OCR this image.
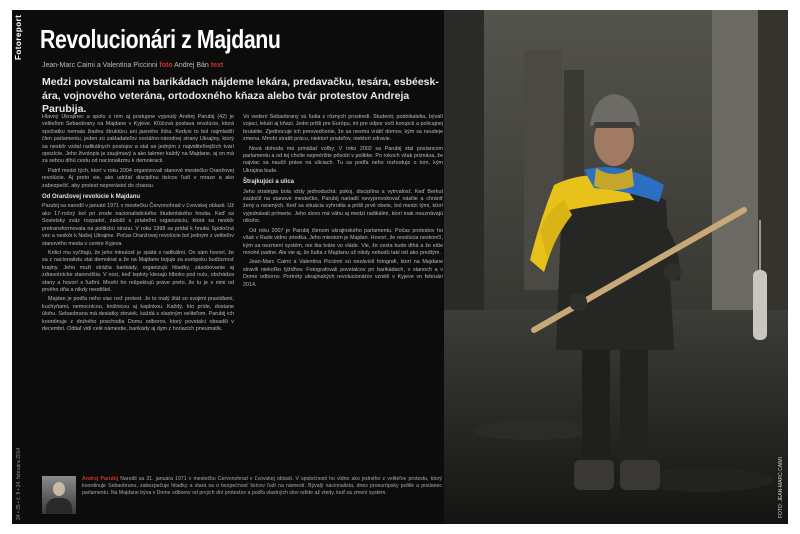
Fotoreport
34 • 35 • č. 9 • 24. februára 2014
Revolucionári z Majdanu
Jean-Marc Caimi a Valentina Piccinni foto Andrej Bán text
Medzi povstalcami na barikádach nájdeme lekára, predavačku, tesára, esbéeskára, vojnového veterána, ortodoxného kňaza alebo tvár protestov Andreja Parubija.

Hlavný Ukrajinec a spolu s ním aj postupne vypnutý Andrej Parubij (42) je veliteľom Sebaobrany na Majdane v Kyjeve. Kľúčová postava revolúcie, ktorá spočiatku nemala žiadnu štruktúru ani jasného lídra. Kedysi to bol najmladší člen parlamentu, jeden zo zakladateľov sociálno-národnej strany Ukrajiny, ktorý sa neskôr vzdal radikálnych postojov a stal sa jedným z najviditeľnejších tvárí opozície. Jeho životopis je zaujímavý a ako takmer každý na Majdane, aj on má za sebou dlhú cestu od nacionalizmu k demokracii.

Patril medzi tých, ktorí v roku 2004 organizovali stanové mestečko Oranžovej revolúcie. Aj preto vie, ako udržať disciplínu tisícov ľudí v mraze a ako zabezpečiť, aby protest neprerástol do chaosu.

Od Oranžovej revolúcie k Majdanu

Parubij sa narodil v januári 1971 v mestečku Červonohrad v Ľvovskej oblasti. Už ako 17-ročný bol pri zrode nacionalistického študentského hnutia. Keď sa Sovietsky zväz rozpadol, založil s priateľmi organizáciu, ktorá sa neskôr pretransformovala na politickú stranu. V roku 1998 sa pridal k hnutiu Spoločná vec a neskôr k Našej Ukrajine. Počas Oranžovej revolúcie bol jedným z veliteľov stanového mesta v centre Kyjeva.

Kritici mu vyčítajú, že jeho minulosť je spätá s radikálmi. On sám hovorí, že sa z nacionalistu stal demokrat a že na Majdane bojuje za európsku budúcnosť krajiny. Jeho muži strážia barikády, organizujú hliadky, zásobovanie aj zdravotnícke stanovištia. V noci, keď teploty klesajú hlboko pod nulu, obchádza stany a hovorí s ľuďmi. Mnohí ho rešpektujú práve preto, že tu je s nimi od prvého dňa a nikdy neodišiel.

Majdan je podľa neho viac než protest. Je to malý štát so svojimi pravidlami, kuchyňami, nemocnicou, knižnicou aj kaplnkou. Každý, kto príde, dostane úlohu. Sebaobrana má desiatky stoviek, každá s vlastným veliteľom. Parubij ich koordinuje z druhého poschodia Domu odborov, ktorý povstalci obsadili v decembri. Odtiaľ vidí celé námestie, barikády aj dym z horiacich pneumatík.

Vo vedení Sebaobrany sú ľudia z rôznych prostredí. Študenti, podnikatelia, bývalí vojaci, lekári aj kňazi. Jedni prišli pre Európu, iní pre odpor voči korupcii a policajnej brutalite. Zjednocuje ich presvedčenie, že sa nesmú vrátiť domov, kým sa neudeje zmena. Mnohí stratili prácu, niektorí priateľov, niektorí zdravie.

Nová dohoda má prinášať voľby. V roku 2002 sa Parubij stal poslancom parlamentu a od tej chvíle nepretržite pôsobí v politike. Po rokoch však priznáva, že najviac sa naučil práve na uliciach. Tu sa podľa neho rozhoduje o tom, kým Ukrajina bude.

Štrajkujúci a ulica

Jeho stratégia bola vždy jednoduchá: pokoj, disciplína a vytrvalosť. Keď Berkut zaútočil na stanové mestečko, Parubij nariadil nevyprovokovať násilie a chrániť ženy a ranených. Keď sa situácia vyhrotila a prišli prvé obete, bol medzi tými, ktorí vyjednávali prímerie. Jeho slovo má váhu aj medzi radikálmi, ktorí inak neuznávajú nikoho.

Od roku 2007 je Parubij členom ukrajinského parlamentu. Počas protestov ho však v Rade vidno zriedka. Jeho miestom je Majdan. Hovorí, že revolúcia neskončí, kým sa nezmení systém, nie iba tváre vo vláde. Vie, že cesta bude dlhá a že ešte mnohé padne. Ale vie aj, že ľudia z Majdanu už nikdy nebudú takí istí ako predtým.

Jean-Marc Caimi a Valentina Piccinni sú nezávislí fotografi, ktorí na Majdane strávili niekoľko týždňov. Fotografovali povstalcov pri barikádach, v stanoch a v Dome odborov. Portréty ukrajinských revolucionárov vznikli v Kyjeve vo februári 2014.

Andrej Parubij Narodil sa 31. januára 1971 v mestečku Červonohrad v Ľvovskej oblasti. V spoločnosti ho vidno ako jedného z veliteľov protestu, ktorý koordinuje Sebaobranu, zabezpečuje hliadky a stará sa o bezpečnosť tisícov ľudí na námestí. Bývalý nacionalista, dnes proeurópsky politik a poslanec parlamentu. Na Majdane býva v Dome odborov od prvých dní protestov a podľa vlastných slov odíde až vtedy, keď sa zmení systém.	FOTO: JEAN-MARC CAIMI
